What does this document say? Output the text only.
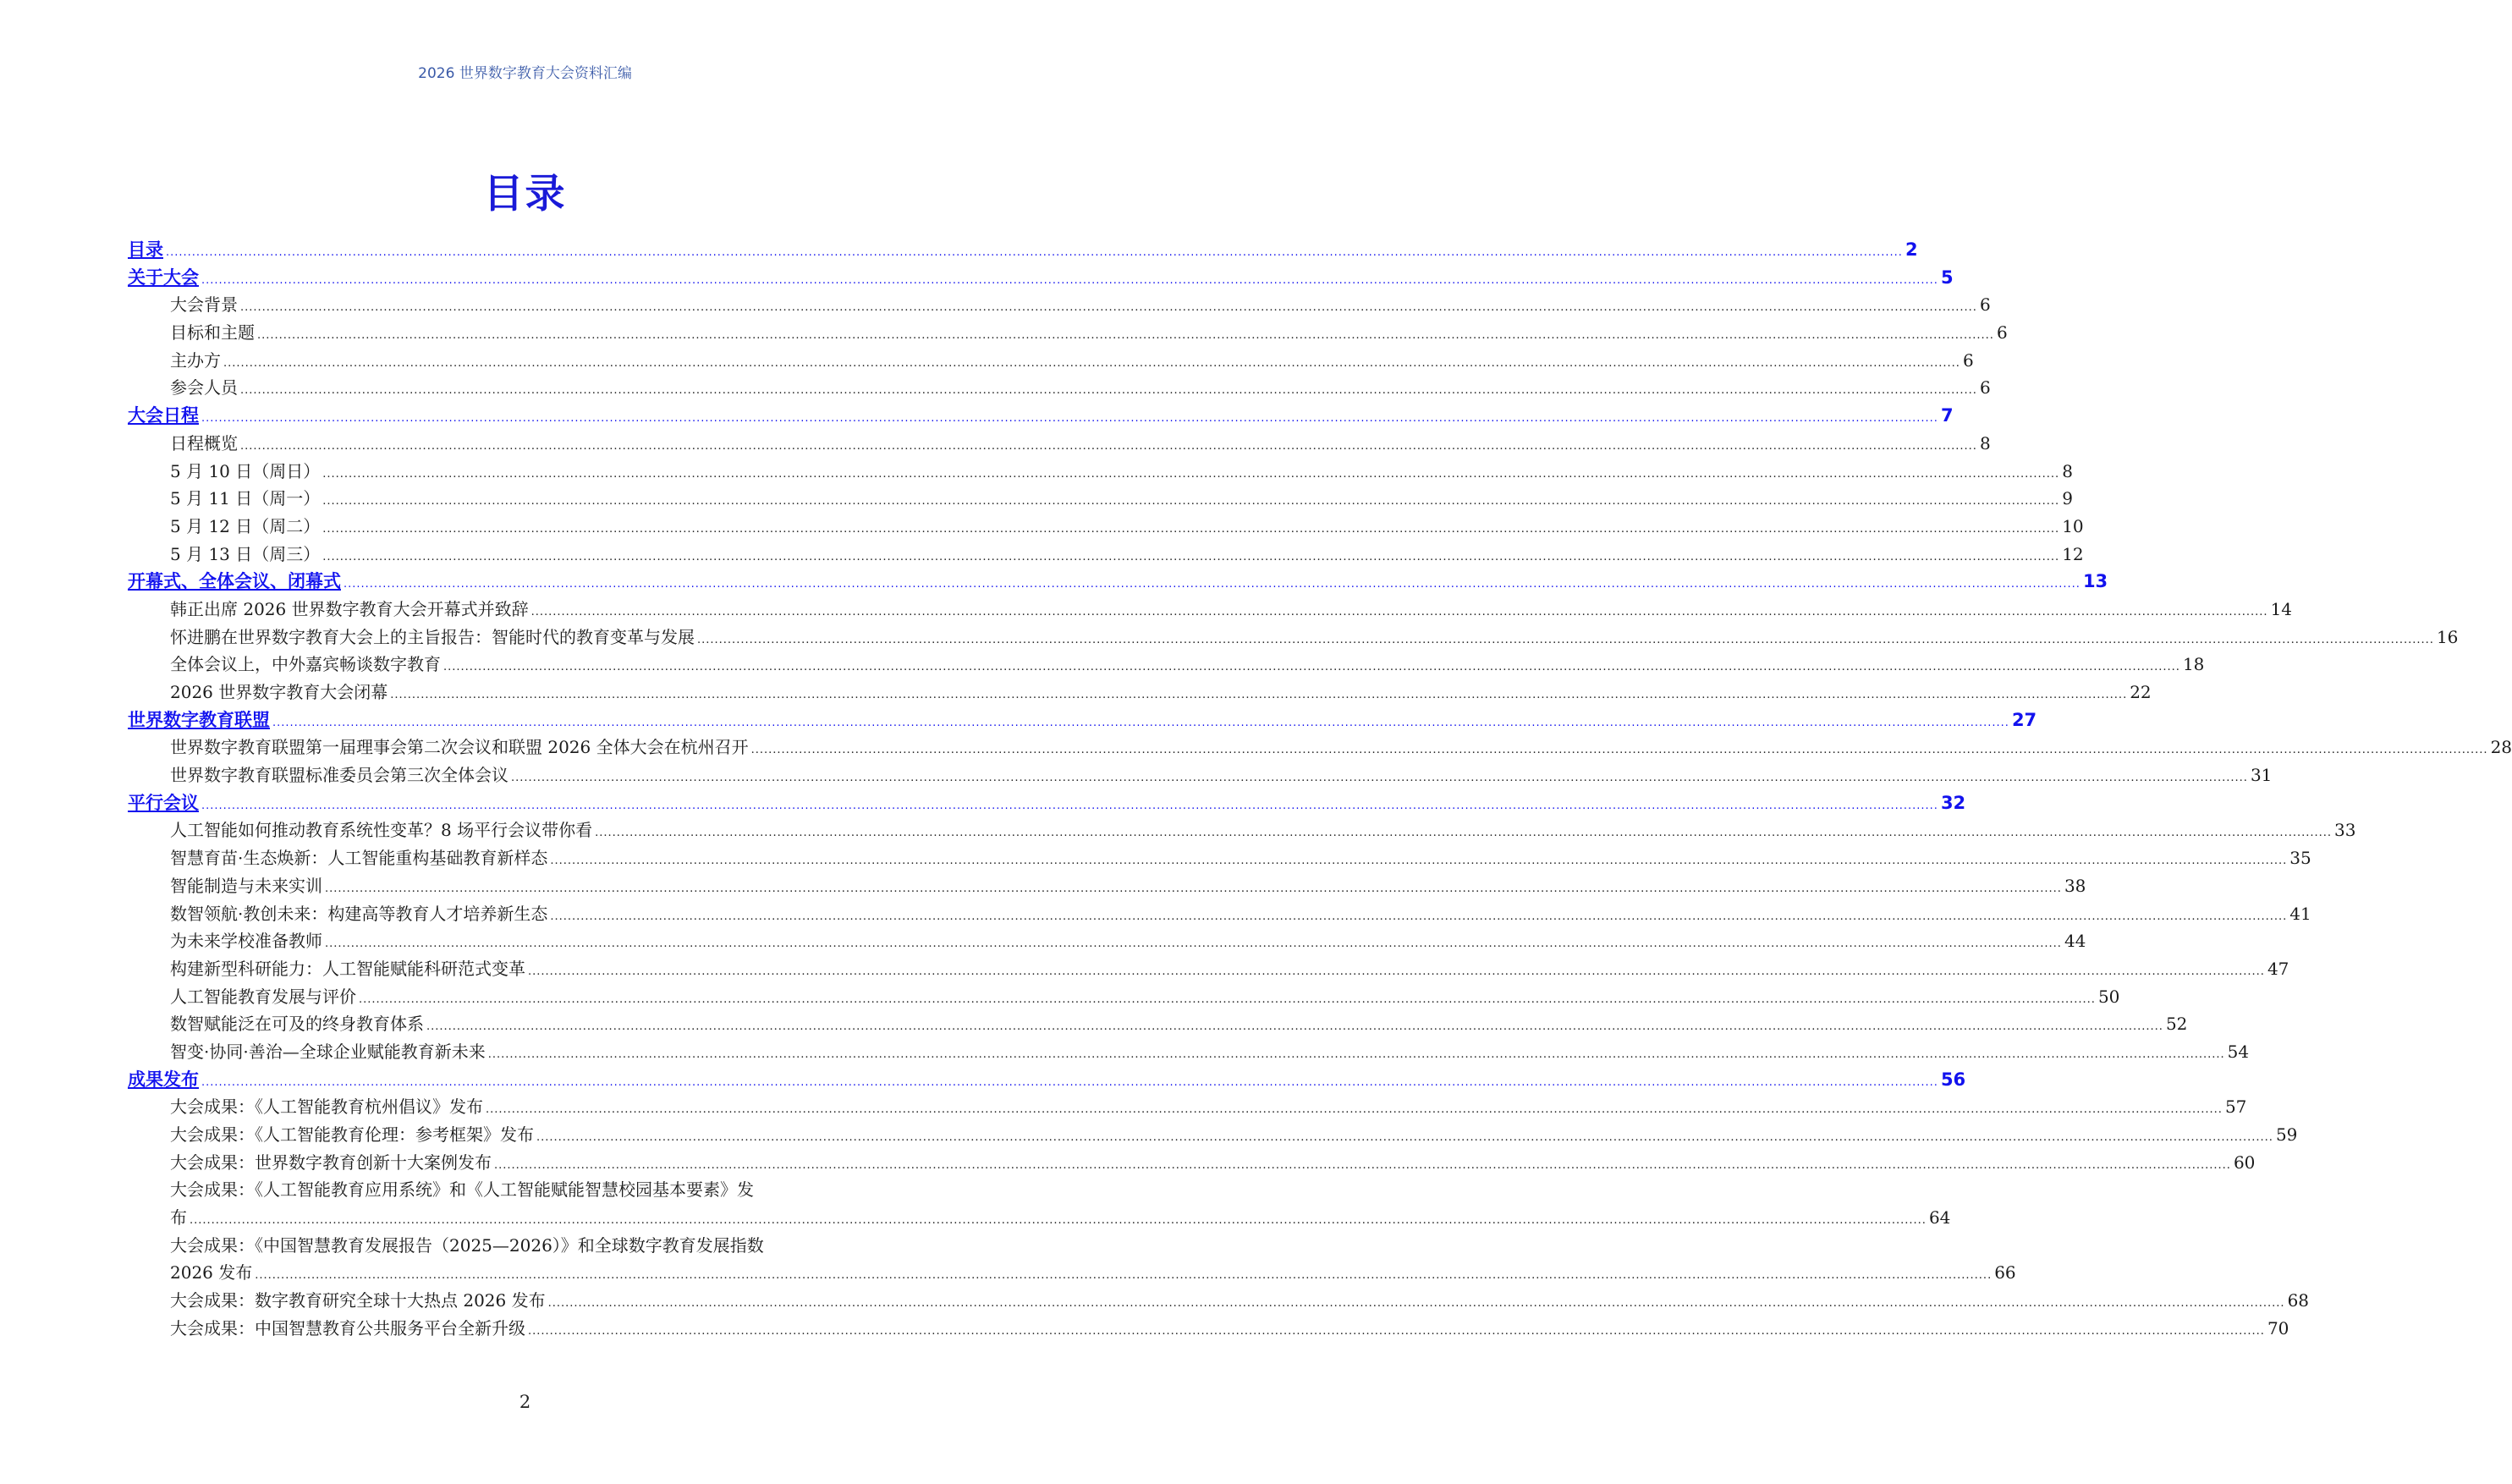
2026 世界数字教育大会资料汇编
目录
目录 ................................................................................................................................................................................................................................................................................................................................................................................................................ 2
关于大会 ................................................................................................................................................................................................................................................................................................................................................................................................................ 5
大会背景 ................................................................................................................................................................................................................................................................................................................................................................................................................ 6
目标和主题 ................................................................................................................................................................................................................................................................................................................................................................................................................ 6
主办方 ................................................................................................................................................................................................................................................................................................................................................................................................................ 6
参会人员 ................................................................................................................................................................................................................................................................................................................................................................................................................ 6
大会日程 ................................................................................................................................................................................................................................................................................................................................................................................................................ 7
日程概览 ................................................................................................................................................................................................................................................................................................................................................................................................................ 8
5 月 10 日（周日） ................................................................................................................................................................................................................................................................................................................................................................................................................ 8
5 月 11 日（周一） ................................................................................................................................................................................................................................................................................................................................................................................................................ 9
5 月 12 日（周二） ................................................................................................................................................................................................................................................................................................................................................................................................................ 10
5 月 13 日（周三） ................................................................................................................................................................................................................................................................................................................................................................................................................ 12
开幕式、全体会议、闭幕式 ................................................................................................................................................................................................................................................................................................................................................................................................................ 13
韩正出席 2026 世界数字教育大会开幕式并致辞 ................................................................................................................................................................................................................................................................................................................................................................................................................ 14
怀进鹏在世界数字教育大会上的主旨报告：智能时代的教育变革与发展 ................................................................................................................................................................................................................................................................................................................................................................................................................ 16
全体会议上，中外嘉宾畅谈数字教育 ................................................................................................................................................................................................................................................................................................................................................................................................................ 18
2026 世界数字教育大会闭幕 ................................................................................................................................................................................................................................................................................................................................................................................................................ 22
世界数字教育联盟 ................................................................................................................................................................................................................................................................................................................................................................................................................ 27
世界数字教育联盟第一届理事会第二次会议和联盟 2026 全体大会在杭州召开 ................................................................................................................................................................................................................................................................................................................................................................................................................ 28
世界数字教育联盟标准委员会第三次全体会议 ................................................................................................................................................................................................................................................................................................................................................................................................................ 31
平行会议 ................................................................................................................................................................................................................................................................................................................................................................................................................ 32
人工智能如何推动教育系统性变革？8 场平行会议带你看 ................................................................................................................................................................................................................................................................................................................................................................................................................ 33
智慧育苗·生态焕新：人工智能重构基础教育新样态 ................................................................................................................................................................................................................................................................................................................................................................................................................ 35
智能制造与未来实训 ................................................................................................................................................................................................................................................................................................................................................................................................................ 38
数智领航·教创未来：构建高等教育人才培养新生态 ................................................................................................................................................................................................................................................................................................................................................................................................................ 41
为未来学校准备教师 ................................................................................................................................................................................................................................................................................................................................................................................................................ 44
构建新型科研能力：人工智能赋能科研范式变革 ................................................................................................................................................................................................................................................................................................................................................................................................................ 47
人工智能教育发展与评价 ................................................................................................................................................................................................................................................................................................................................................................................................................ 50
数智赋能泛在可及的终身教育体系 ................................................................................................................................................................................................................................................................................................................................................................................................................ 52
智变·协同·善治—全球企业赋能教育新未来 ................................................................................................................................................................................................................................................................................................................................................................................................................ 54
成果发布 ................................................................................................................................................................................................................................................................................................................................................................................................................ 56
大会成果：《人工智能教育杭州倡议》发布 ................................................................................................................................................................................................................................................................................................................................................................................................................ 57
大会成果：《人工智能教育伦理：参考框架》发布 ................................................................................................................................................................................................................................................................................................................................................................................................................ 59
大会成果：世界数字教育创新十大案例发布 ................................................................................................................................................................................................................................................................................................................................................................................................................ 60
大会成果：《人工智能教育应用系统》和《人工智能赋能智慧校园基本要素》发
布 ................................................................................................................................................................................................................................................................................................................................................................................................................ 64
大会成果：《中国智慧教育发展报告（2025—2026）》和全球数字教育发展指数
2026 发布 ................................................................................................................................................................................................................................................................................................................................................................................................................ 66
大会成果：数字教育研究全球十大热点 2026 发布 ................................................................................................................................................................................................................................................................................................................................................................................................................ 68
大会成果：中国智慧教育公共服务平台全新升级 ................................................................................................................................................................................................................................................................................................................................................................................................................ 70
2
